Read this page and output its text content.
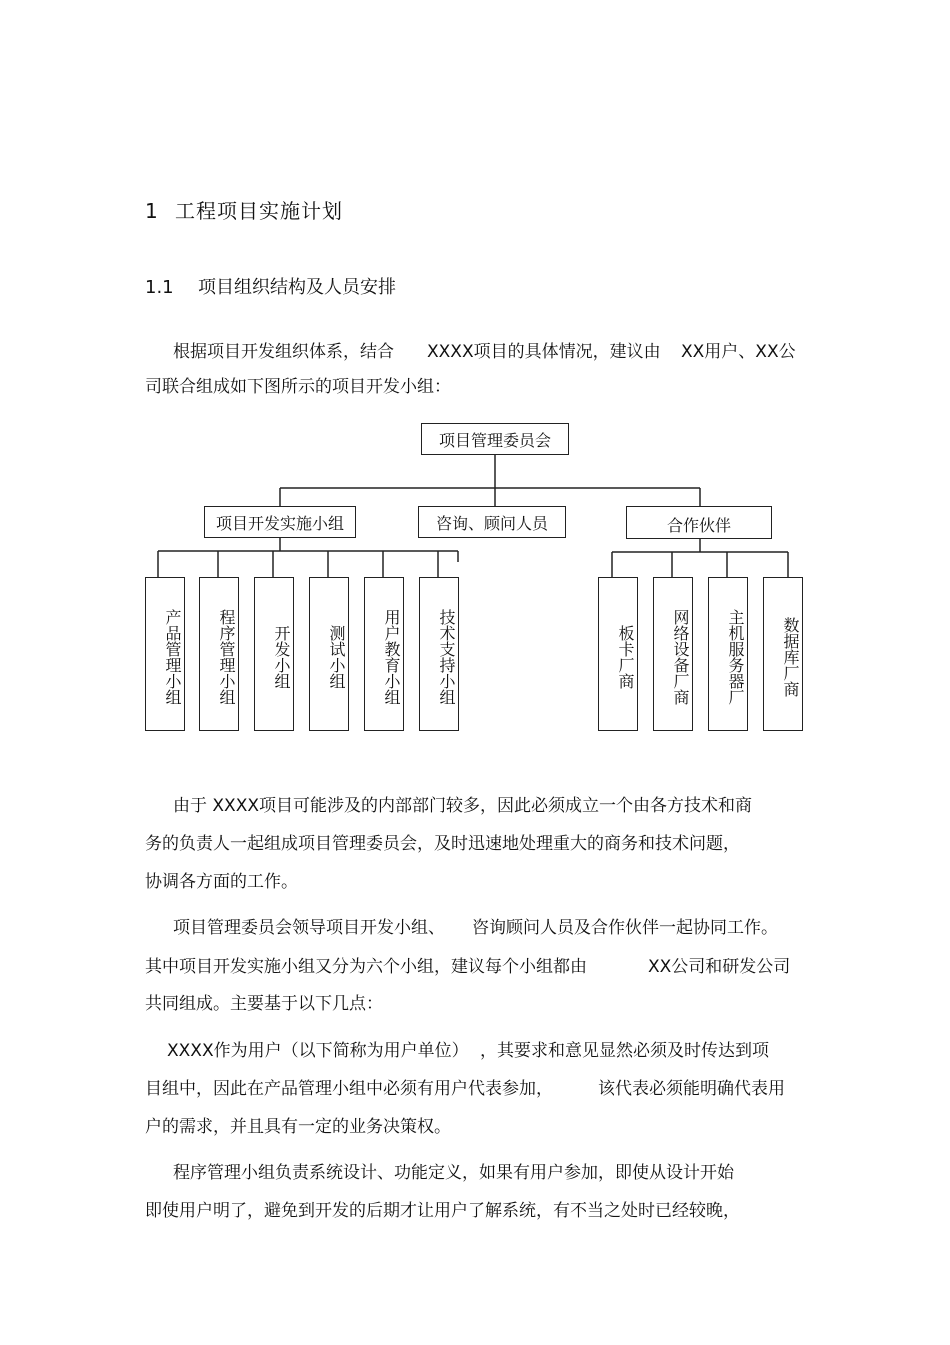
1 工程项目实施计划
1.1 项目组织结构及人员安排
根据项目开发组织体系，结合 XXXX项目的具体情况，建议由 XX用户、XX公
司联合组成如下图所示的项目开发小组：
项目管理委员会
项目开发实施小组	咨询、顾问人员	合作伙伴
产品管理小组	程序管理小组	开发小组	测试小组	用户教育小组	技术支持小组	板卡厂商	网络设备厂商	主机服务器厂	数据库厂商
由于 XXXX项目可能涉及的内部部门较多，因此必须成立一个由各方技术和商
务的负责人一起组成项目管理委员会，及时迅速地处理重大的商务和技术问题，
协调各方面的工作。
项目管理委员会领导项目开发小组、 咨询顾问人员及合作伙伴一起协同工作。
其中项目开发实施小组又分为六个小组，建议每个小组都由	XX公司和研发公司
共同组成。主要基于以下几点：
XXXX作为用户（以下简称为用户单位） ，其要求和意见显然必须及时传达到项
目组中，因此在产品管理小组中必须有用户代表参加，	该代表必须能明确代表用
户的需求，并且具有一定的业务决策权。
程序管理小组负责系统设计、功能定义，如果有用户参加，即使从设计开始
即使用户明了，避免到开发的后期才让用户了解系统，有不当之处时已经较晚，
